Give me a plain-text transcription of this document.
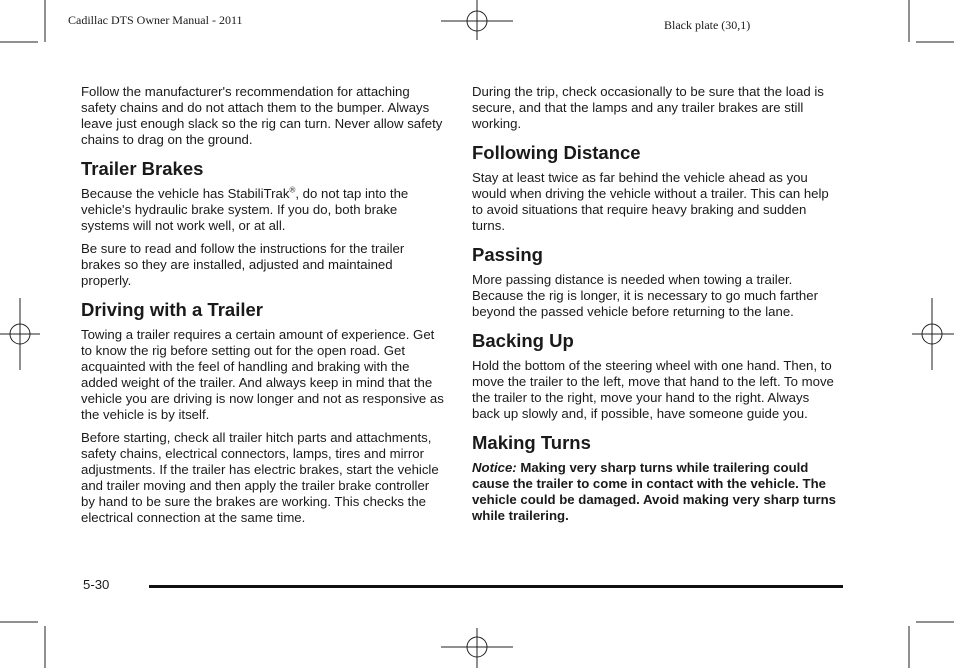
Cadillac DTS Owner Manual - 2011	Black plate (30,1)

Follow the manufacturer's recommendation for attaching safety chains and do not attach them to the bumper. Always leave just enough slack so the rig can turn. Never allow safety chains to drag on the ground.

Trailer Brakes

Because the vehicle has StabiliTrak®, do not tap into the vehicle's hydraulic brake system. If you do, both brake systems will not work well, or at all.

Be sure to read and follow the instructions for the trailer brakes so they are installed, adjusted and maintained properly.

Driving with a Trailer

Towing a trailer requires a certain amount of experience. Get to know the rig before setting out for the open road. Get acquainted with the feel of handling and braking with the added weight of the trailer. And always keep in mind that the vehicle you are driving is now longer and not as responsive as the vehicle is by itself.

Before starting, check all trailer hitch parts and attachments, safety chains, electrical connectors, lamps, tires and mirror adjustments. If the trailer has electric brakes, start the vehicle and trailer moving and then apply the trailer brake controller by hand to be sure the brakes are working. This checks the electrical connection at the same time.

During the trip, check occasionally to be sure that the load is secure, and that the lamps and any trailer brakes are still working.

Following Distance

Stay at least twice as far behind the vehicle ahead as you would when driving the vehicle without a trailer. This can help to avoid situations that require heavy braking and sudden turns.

Passing

More passing distance is needed when towing a trailer. Because the rig is longer, it is necessary to go much farther beyond the passed vehicle before returning to the lane.

Backing Up

Hold the bottom of the steering wheel with one hand. Then, to move the trailer to the left, move that hand to the left. To move the trailer to the right, move your hand to the right. Always back up slowly and, if possible, have someone guide you.

Making Turns

Notice: Making very sharp turns while trailering could cause the trailer to come in contact with the vehicle. The vehicle could be damaged. Avoid making very sharp turns while trailering.

5-30
